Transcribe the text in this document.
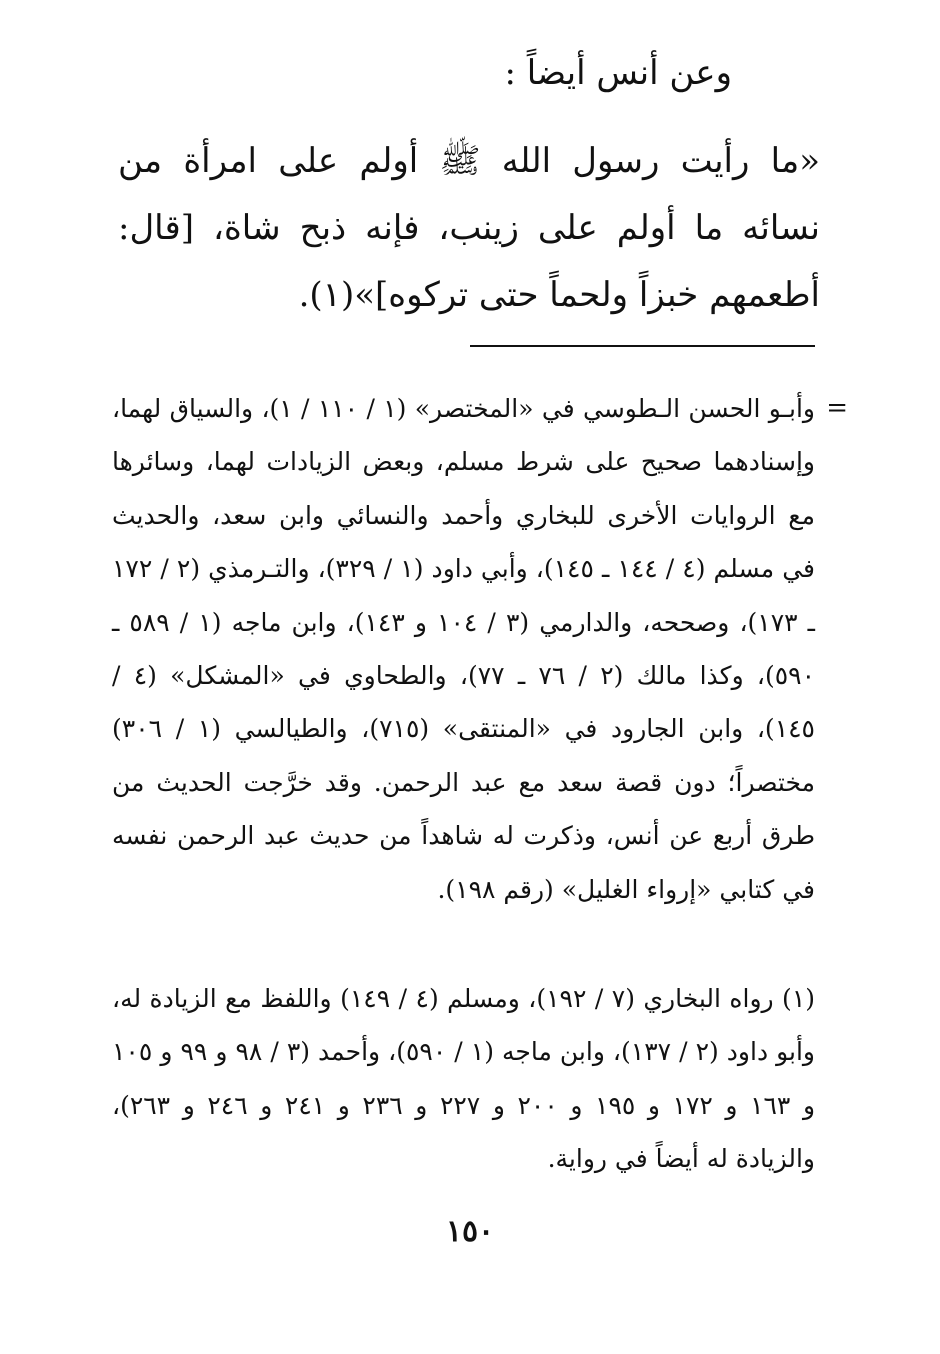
وعن أنس أيضاً :

«ما رأيت رسول الله ﷺ أولم على امرأة من نسائه ما أولم على زينب، فإنه ذبح شاة، [قال: أطعمهم خبزاً ولحماً حتى تركوه]»(١).

=

وأبـو الحسن الـطوسي في «المختصر» (١ / ١١٠ / ١)، والسياق لهما، وإسنادهما صحيح على شرط مسلم، وبعض الزيادات لهما، وسائرها مع الروايات الأخرى للبخاري وأحمد والنسائي وابن سعد، والحديث في مسلم (٤ / ١٤٤ ـ ١٤٥)، وأبي داود (١ / ٣٢٩)، والتـرمذي (٢ / ١٧٢ ـ ١٧٣)، وصححه، والدارمي (٣ / ١٠٤ و ١٤٣)، وابن ماجه (١ / ٥٨٩ ـ ٥٩٠)، وكذا مالك (٢ / ٧٦ ـ ٧٧)، والطحاوي في «المشكل» (٤ / ١٤٥)، وابن الجارود في «المنتقى» (٧١٥)، والطيالسي (١ / ٣٠٦) مختصراً؛ دون قصة سعد مع عبد الرحمن. وقد خرَّجت الحديث من طرق أربع عن أنس، وذكرت له شاهداً من حديث عبد الرحمن نفسه في كتابي «إرواء الغليل» (رقم ١٩٨).

(١) رواه البخاري (٧ / ١٩٢)، ومسلم (٤ / ١٤٩) واللفظ مع الزيادة له، وأبو داود (٢ / ١٣٧)، وابن ماجه (١ / ٥٩٠)، وأحمد (٣ / ٩٨ و ٩٩ و ١٠٥ و ١٦٣ و ١٧٢ و ١٩٥ و ٢٠٠ و ٢٢٧ و ٢٣٦ و ٢٤١ و ٢٤٦ و ٢٦٣)، والزيادة له أيضاً في رواية.

١٥٠
